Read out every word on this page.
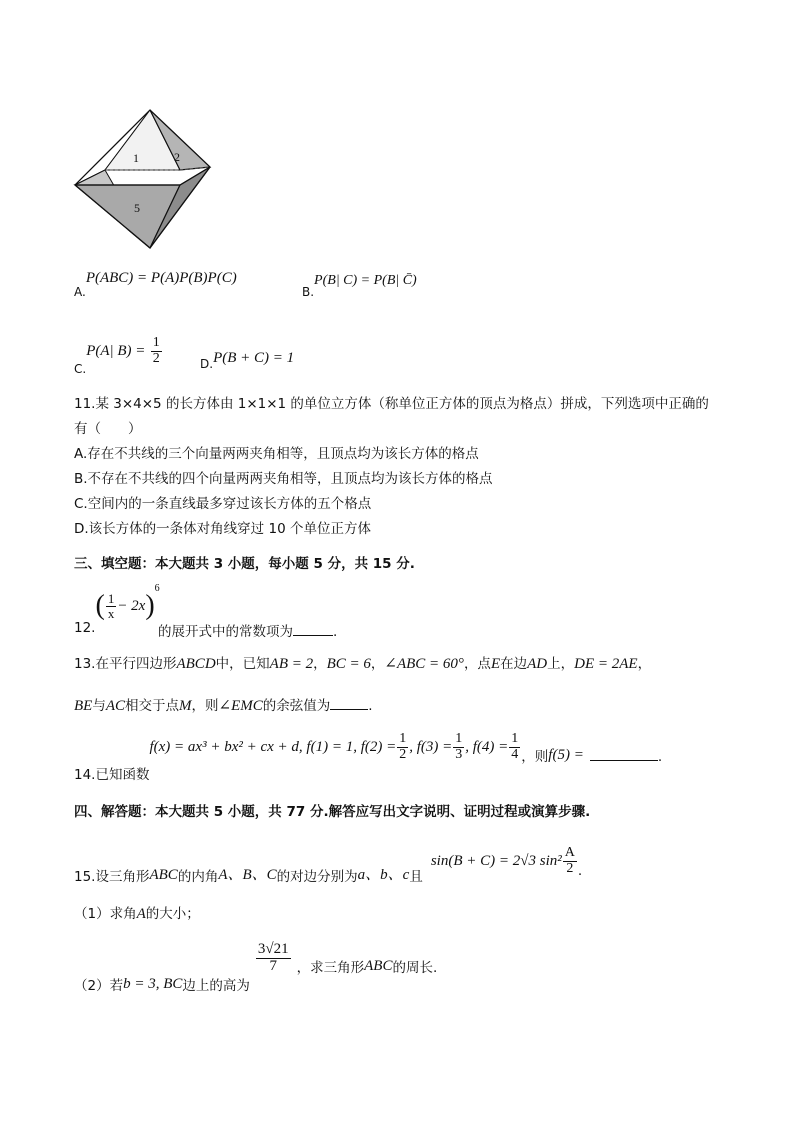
1	2
5
A.P(ABC) = P(A)P(B)P(C)
B.P(B| C) = P(B| C̄)
C.P(A| $B) = \frac{1}{2}$	D.P(B + C) = 1
11.某 3×4×5 的长方体由 1×1×1 的单位立方体（称单位正方体的顶点为格点）拼成，下列选项中正确的
有（　　）
A.存在不共线的三个向量两两夹角相等，且顶点均为该长方体的格点
B.不存在不共线的四个向量两两夹角相等，且顶点均为该长方体的格点
C.空间内的一条直线最多穿过该长方体的五个格点
D.该长方体的一条体对角线穿过 10 个单位正方体
三、填空题：本大题共 3 小题，每小题 5 分，共 15 分.
$12.( \frac{1}{x} - 2x)^6$
的展开式中的常数项为	.
13.在平行四边形ABCD中，已知AB = 2，BC = 6，∠ABC = 60°，点E在边AD上，DE = 2AE，
BE与AC相交于点M，则∠EMC的余弦值为	.
14.已知函数f(x) = ax³ + bx² + cx + d, f(1) = 1, $f(2) = \frac{1}{2}$ , $f(3) = \frac{1}{3}$ , $f(4) = \frac{1}{4}$ ，则f(5) =	.
四、解答题：本大题共 5 小题，共 77 分.解答应写出文字说明、证明过程或演算步骤.
15.设三角形ABC的内角A、B、C的对边分别为a、b、c且sin(B + C) = 2√3 $\sin^2 \frac{A}{2}$ .
（1）求角A的大小；
（2）若b = 3, BC边上的高为
$\frac{3√21}{7}$ ，求三角形ABC的周长.
